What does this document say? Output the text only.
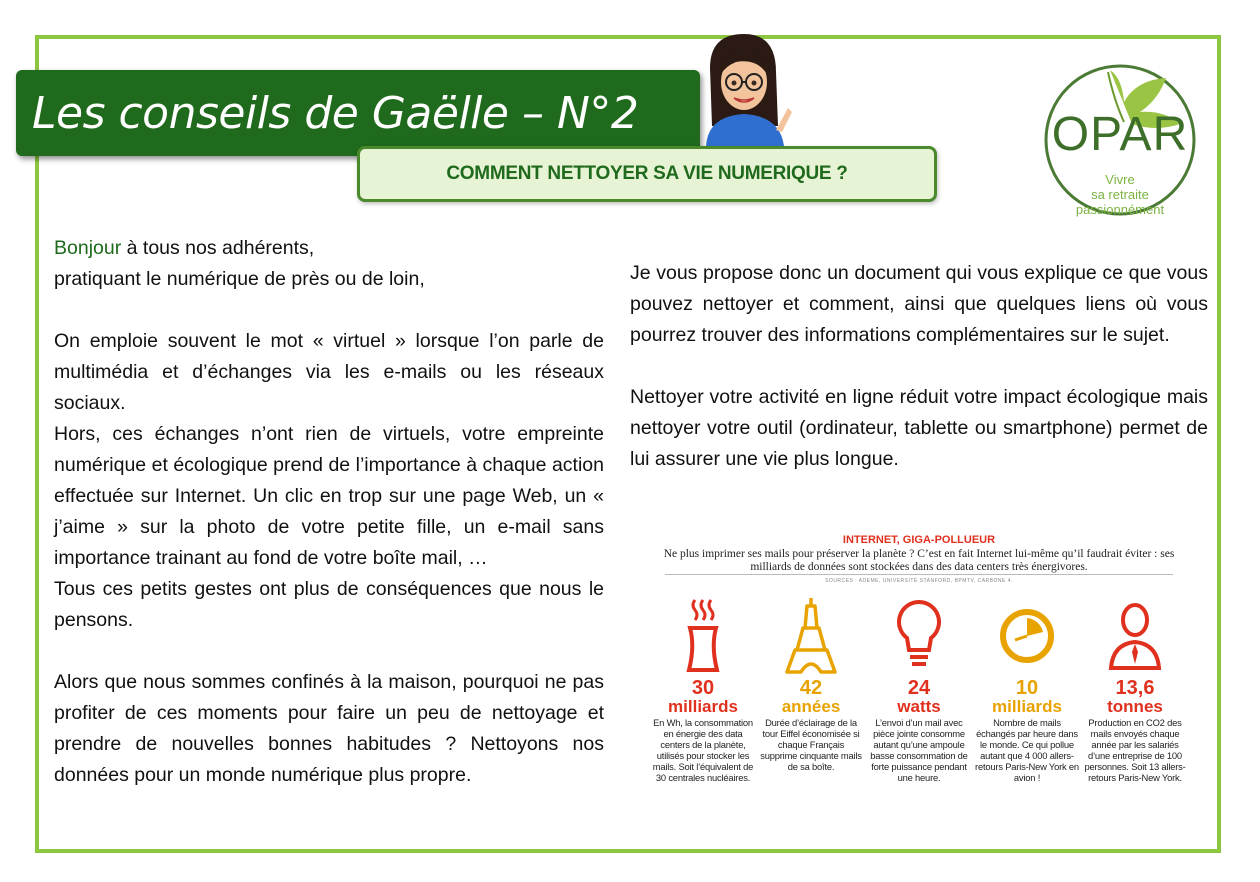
Les conseils de Gaëlle – N°2
COMMENT NETTOYER SA VIE NUMERIQUE ?
OPAR
Vivre
sa retraite
passionnément

Bonjour à tous nos adhérents,

pratiquant le numérique de près ou de loin,

On emploie souvent le mot « virtuel » lorsque l’on parle de multimédia et d’échanges via les e-mails ou les réseaux sociaux.

Hors, ces échanges n’ont rien de virtuels, votre empreinte numérique et écologique prend de l’importance à chaque action effectuée sur Internet. Un clic en trop sur une page Web, un « j’aime » sur la photo de votre petite fille, un e-mail sans importance trainant au fond de votre boîte mail, …

Tous ces petits gestes ont plus de conséquences que nous le pensons.

Alors que nous sommes confinés à la maison, pourquoi ne pas profiter de ces moments pour faire un peu de nettoyage et prendre de nouvelles bonnes habitudes ? Nettoyons nos données pour un monde numérique plus propre.

Je vous propose donc un document qui vous explique ce que vous pouvez nettoyer et comment, ainsi que quelques liens où vous pourrez trouver des informations complémentaires sur le sujet.

Nettoyer votre activité en ligne réduit votre impact écologique mais nettoyer votre outil (ordinateur, tablette ou smartphone) permet de lui assurer une vie plus longue.

INTERNET, GIGA-POLLUEUR
Ne plus imprimer ses mails pour préserver la planète ? C’est en fait Internet lui-même qu’il faudrait éviter : ses milliards de données sont stockées dans des data centers très énergivores.
SOURCES : ADEME, UNIVERSITÉ STANFORD, BPMTV, CARBONE 4.
30
milliards
En Wh, la consommation en énergie des data centers de la planète, utilisés pour stocker les mails. Soit l’équivalent de 30 centrales nucléaires.
42
années
Durée d’éclairage de la tour Eiffel économisée si chaque Français supprime cinquante mails de sa boîte.
24
watts
L’envoi d’un mail avec pièce jointe consomme autant qu’une ampoule basse consommation de forte puissance pendant une heure.
10
milliards
Nombre de mails échangés par heure dans le monde. Ce qui pollue autant que 4 000 allers-retours Paris-New York en avion !
13,6
tonnes
Production en CO2 des mails envoyés chaque année par les salariés d’une entreprise de 100 personnes. Soit 13 allers-retours Paris-New York.
